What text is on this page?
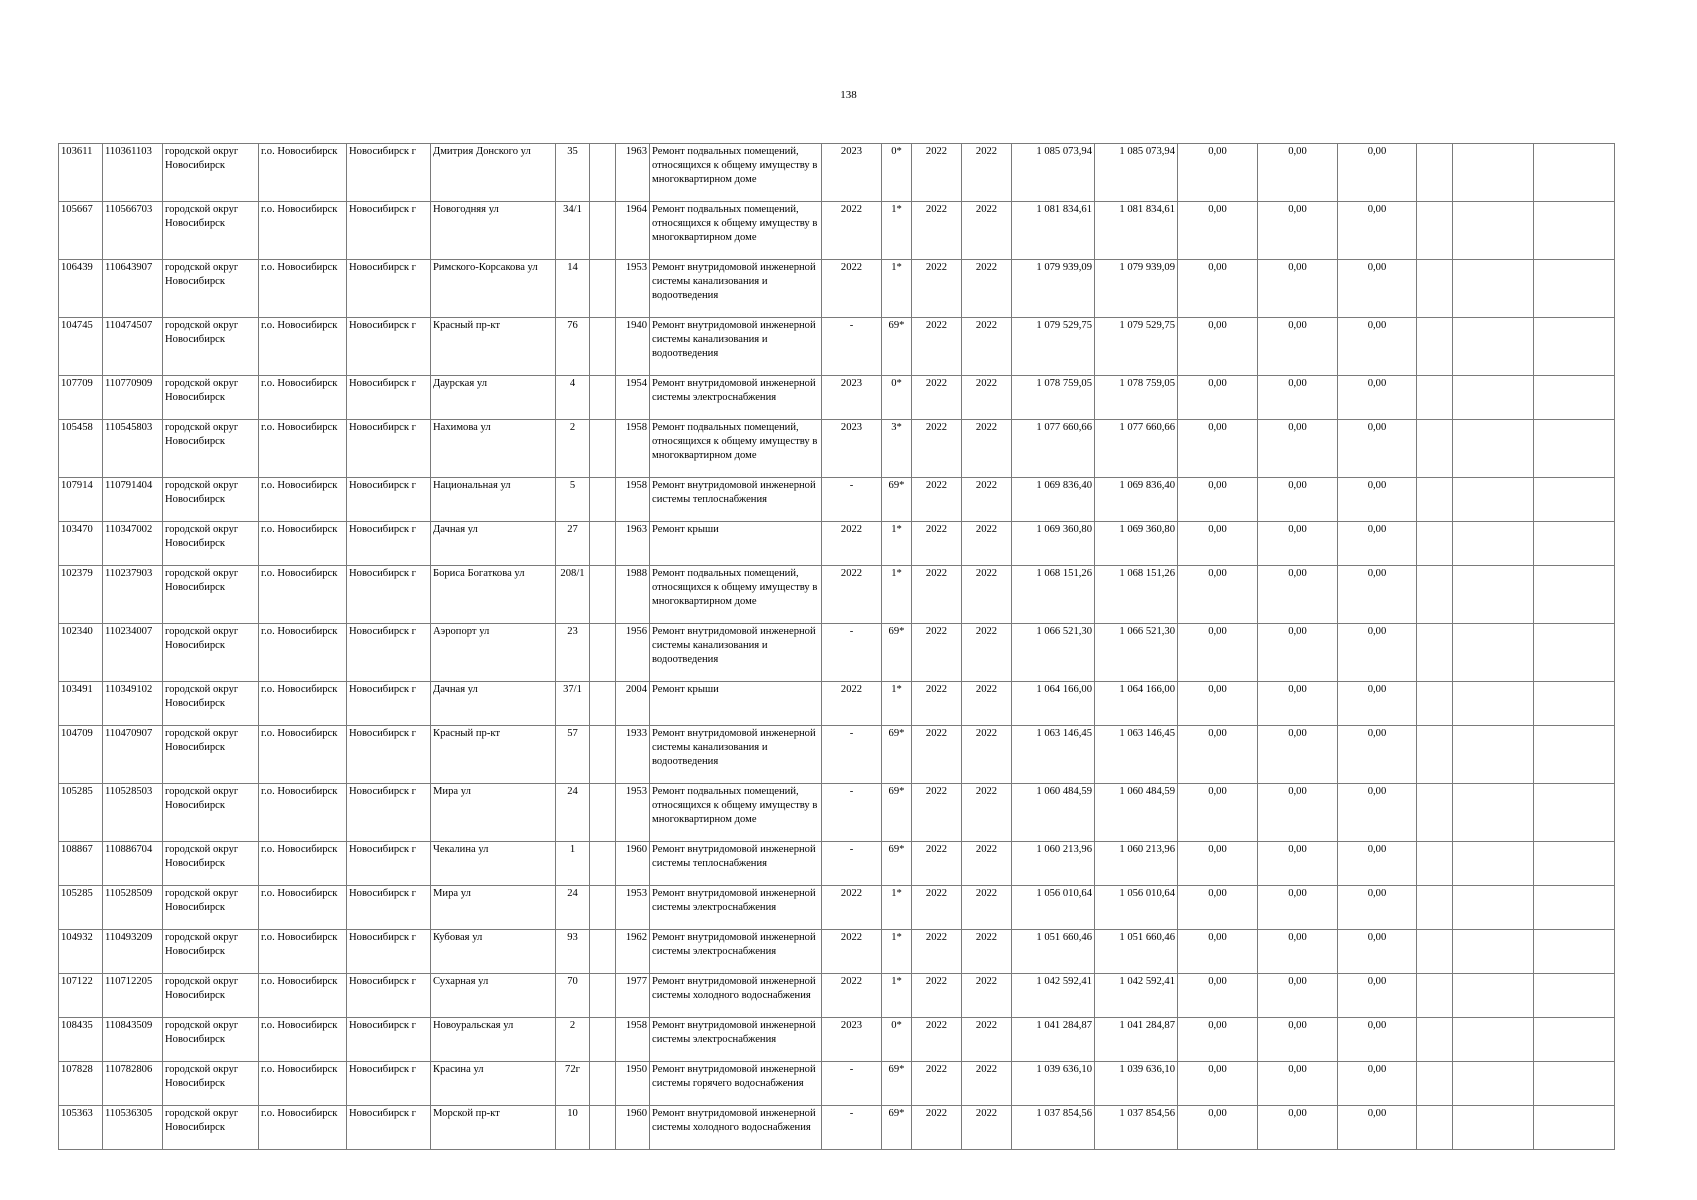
138
103611	110361103	городской округ Новосибирск	г.о. Новосибирск	Новосибирск г	Дмитрия Донского ул	35		1963	Ремонт подвальных помещений, относящихся к общему имуществу в многоквартирном доме	2023	0*	2022	2022	1 085 073,94	1 085 073,94	0,00	0,00	0,00			
105667	110566703	городской округ Новосибирск	г.о. Новосибирск	Новосибирск г	Новогодняя ул	34/1		1964	Ремонт подвальных помещений, относящихся к общему имуществу в многоквартирном доме	2022	1*	2022	2022	1 081 834,61	1 081 834,61	0,00	0,00	0,00			
106439	110643907	городской округ Новосибирск	г.о. Новосибирск	Новосибирск г	Римского-Корсакова ул	14		1953	Ремонт внутридомовой инженерной системы канализования и водоотведения	2022	1*	2022	2022	1 079 939,09	1 079 939,09	0,00	0,00	0,00			
104745	110474507	городской округ Новосибирск	г.о. Новосибирск	Новосибирск г	Красный пр-кт	76		1940	Ремонт внутридомовой инженерной системы канализования и водоотведения	-	69*	2022	2022	1 079 529,75	1 079 529,75	0,00	0,00	0,00			
107709	110770909	городской округ Новосибирск	г.о. Новосибирск	Новосибирск г	Даурская ул	4		1954	Ремонт внутридомовой инженерной системы электроснабжения	2023	0*	2022	2022	1 078 759,05	1 078 759,05	0,00	0,00	0,00			
105458	110545803	городской округ Новосибирск	г.о. Новосибирск	Новосибирск г	Нахимова ул	2		1958	Ремонт подвальных помещений, относящихся к общему имуществу в многоквартирном доме	2023	3*	2022	2022	1 077 660,66	1 077 660,66	0,00	0,00	0,00			
107914	110791404	городской округ Новосибирск	г.о. Новосибирск	Новосибирск г	Национальная ул	5		1958	Ремонт внутридомовой инженерной системы теплоснабжения	-	69*	2022	2022	1 069 836,40	1 069 836,40	0,00	0,00	0,00			
103470	110347002	городской округ Новосибирск	г.о. Новосибирск	Новосибирск г	Дачная ул	27		1963	Ремонт крыши	2022	1*	2022	2022	1 069 360,80	1 069 360,80	0,00	0,00	0,00			
102379	110237903	городской округ Новосибирск	г.о. Новосибирск	Новосибирск г	Бориса Богаткова ул	208/1		1988	Ремонт подвальных помещений, относящихся к общему имуществу в многоквартирном доме	2022	1*	2022	2022	1 068 151,26	1 068 151,26	0,00	0,00	0,00			
102340	110234007	городской округ Новосибирск	г.о. Новосибирск	Новосибирск г	Аэропорт ул	23		1956	Ремонт внутридомовой инженерной системы канализования и водоотведения	-	69*	2022	2022	1 066 521,30	1 066 521,30	0,00	0,00	0,00			
103491	110349102	городской округ Новосибирск	г.о. Новосибирск	Новосибирск г	Дачная ул	37/1		2004	Ремонт крыши	2022	1*	2022	2022	1 064 166,00	1 064 166,00	0,00	0,00	0,00			
104709	110470907	городской округ Новосибирск	г.о. Новосибирск	Новосибирск г	Красный пр-кт	57		1933	Ремонт внутридомовой инженерной системы канализования и водоотведения	-	69*	2022	2022	1 063 146,45	1 063 146,45	0,00	0,00	0,00			
105285	110528503	городской округ Новосибирск	г.о. Новосибирск	Новосибирск г	Мира ул	24		1953	Ремонт подвальных помещений, относящихся к общему имуществу в многоквартирном доме	-	69*	2022	2022	1 060 484,59	1 060 484,59	0,00	0,00	0,00			
108867	110886704	городской округ Новосибирск	г.о. Новосибирск	Новосибирск г	Чекалина ул	1		1960	Ремонт внутридомовой инженерной системы теплоснабжения	-	69*	2022	2022	1 060 213,96	1 060 213,96	0,00	0,00	0,00			
105285	110528509	городской округ Новосибирск	г.о. Новосибирск	Новосибирск г	Мира ул	24		1953	Ремонт внутридомовой инженерной системы электроснабжения	2022	1*	2022	2022	1 056 010,64	1 056 010,64	0,00	0,00	0,00			
104932	110493209	городской округ Новосибирск	г.о. Новосибирск	Новосибирск г	Кубовая ул	93		1962	Ремонт внутридомовой инженерной системы электроснабжения	2022	1*	2022	2022	1 051 660,46	1 051 660,46	0,00	0,00	0,00			
107122	110712205	городской округ Новосибирск	г.о. Новосибирск	Новосибирск г	Сухарная ул	70		1977	Ремонт внутридомовой инженерной системы холодного водоснабжения	2022	1*	2022	2022	1 042 592,41	1 042 592,41	0,00	0,00	0,00			
108435	110843509	городской округ Новосибирск	г.о. Новосибирск	Новосибирск г	Новоуральская ул	2		1958	Ремонт внутридомовой инженерной системы электроснабжения	2023	0*	2022	2022	1 041 284,87	1 041 284,87	0,00	0,00	0,00			
107828	110782806	городской округ Новосибирск	г.о. Новосибирск	Новосибирск г	Красина ул	72г		1950	Ремонт внутридомовой инженерной системы горячего водоснабжения	-	69*	2022	2022	1 039 636,10	1 039 636,10	0,00	0,00	0,00			
105363	110536305	городской округ Новосибирск	г.о. Новосибирск	Новосибирск г	Морской пр-кт	10		1960	Ремонт внутридомовой инженерной системы холодного водоснабжения	-	69*	2022	2022	1 037 854,56	1 037 854,56	0,00	0,00	0,00			
